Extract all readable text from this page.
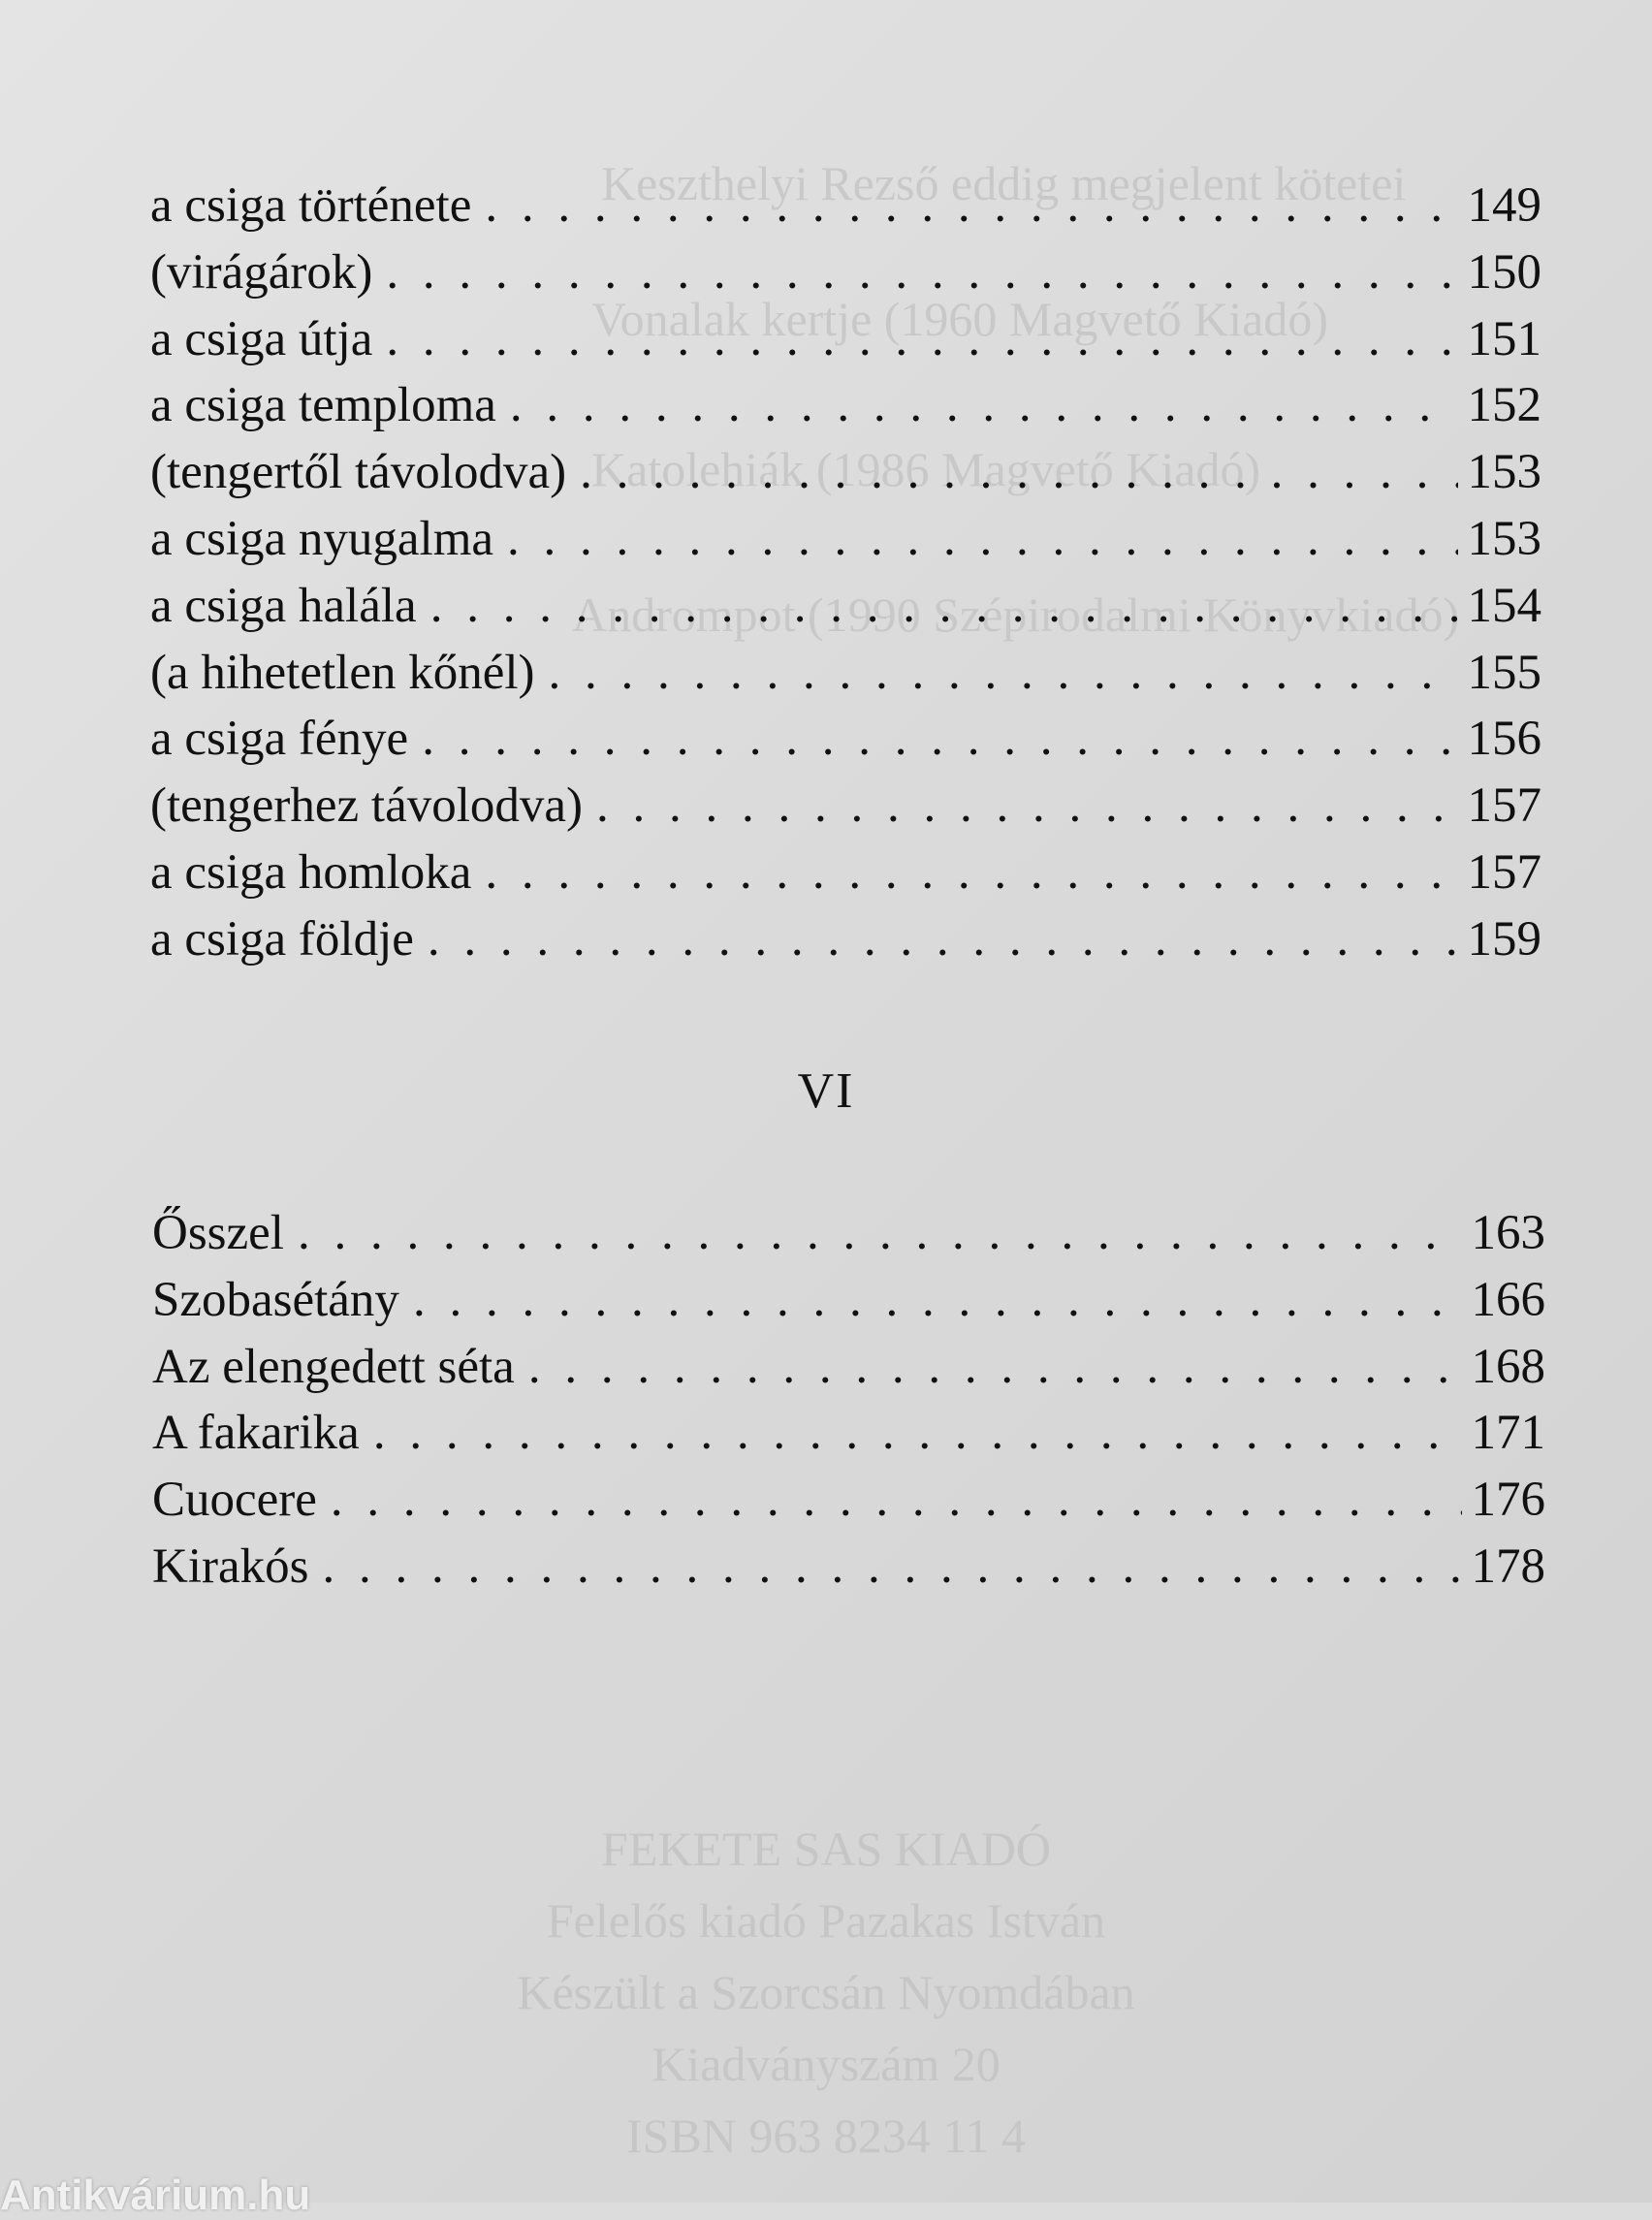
Keszthelyi Rezső eddig megjelent kötetei
Vonalak kertje (1960 Magvető Kiadó)
Katolehiák (1986 Magvető Kiadó)
Andrompot (1990 Szépirodalmi Könyvkiadó)
a csiga története . . .	149
(virágárok) . . .	150
a csiga útja . . .	151
a csiga temploma . . .	152
(tengertől távolodva) . . .	153
a csiga nyugalma . . .	153
a csiga halála . . .	154
(a hihetetlen kőnél) . . .	155
a csiga fénye . . .	156
(tengerhez távolodva) . . .	157
a csiga homloka . . .	157
a csiga földje . . .	159
VI
Ősszel . . .	163
Szobasétány . . .	166
Az elengedett séta . . .	168
A fakarika . . .	171
Cuocere . . .	176
Kirakós . . .	178
FEKETE SAS KIADÓ
Felelős kiadó Pazakas István
Készült a Szorcsán Nyomdában
Kiadványszám 20
ISBN 963 8234 11 4
Antikvárium.hu
